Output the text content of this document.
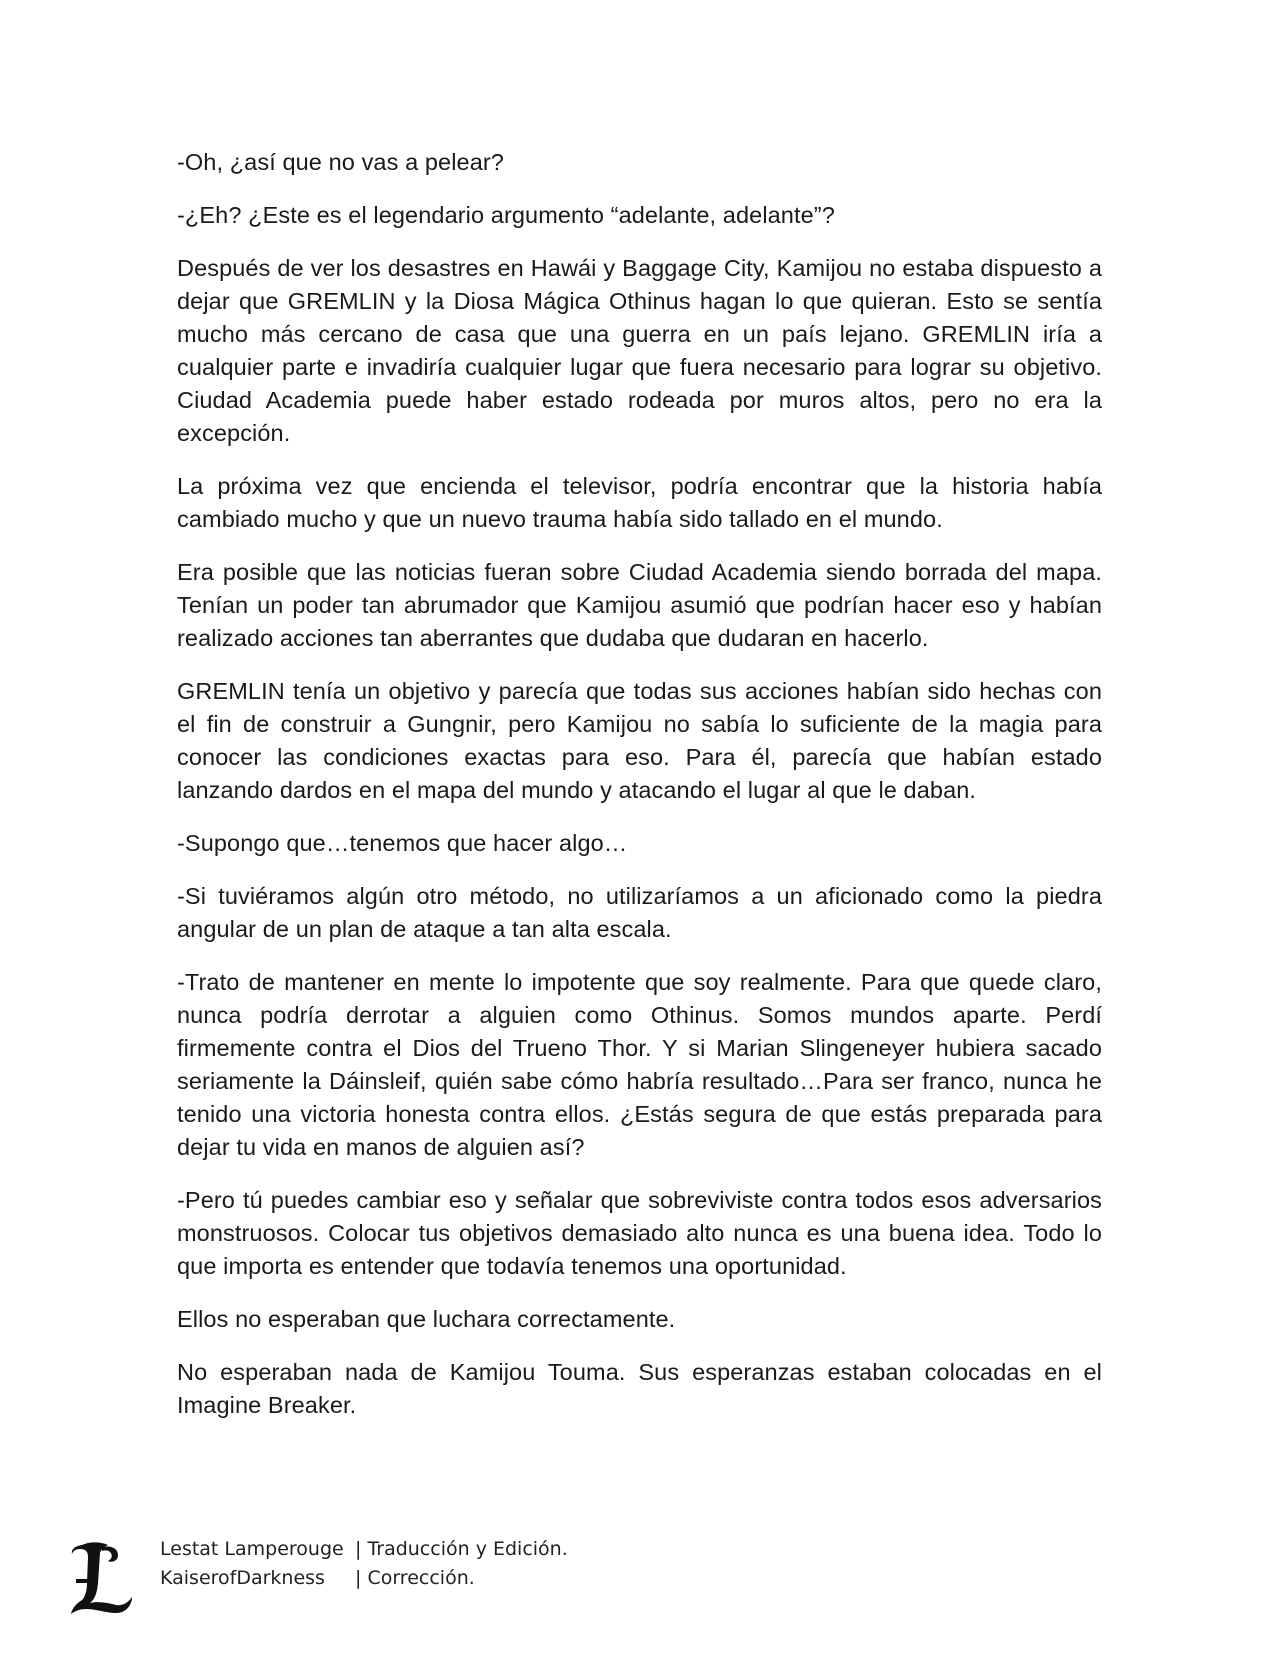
-Oh, ¿así que no vas a pelear?

-¿Eh? ¿Este es el legendario argumento “adelante, adelante”?

Después de ver los desastres en Hawái y Baggage City, Kamijou no estaba dispuesto a dejar que GREMLIN y la Diosa Mágica Othinus hagan lo que quieran. Esto se sentía mucho más cercano de casa que una guerra en un país lejano. GREMLIN iría a cualquier parte e invadiría cualquier lugar que fuera necesario para lograr su objetivo. Ciudad Academia puede haber estado rodeada por muros altos, pero no era la excepción.

La próxima vez que encienda el televisor, podría encontrar que la historia había cambiado mucho y que un nuevo trauma había sido tallado en el mundo.

Era posible que las noticias fueran sobre Ciudad Academia siendo borrada del mapa. Tenían un poder tan abrumador que Kamijou asumió que podrían hacer eso y habían realizado acciones tan aberrantes que dudaba que dudaran en hacerlo.

GREMLIN tenía un objetivo y parecía que todas sus acciones habían sido hechas con el fin de construir a Gungnir, pero Kamijou no sabía lo suficiente de la magia para conocer las condiciones exactas para eso. Para él, parecía que habían estado lanzando dardos en el mapa del mundo y atacando el lugar al que le daban.

-Supongo que…tenemos que hacer algo…

-Si tuviéramos algún otro método, no utilizaríamos a un aficionado como la piedra angular de un plan de ataque a tan alta escala.

-Trato de mantener en mente lo impotente que soy realmente. Para que quede claro, nunca podría derrotar a alguien como Othinus. Somos mundos aparte. Perdí firmemente contra el Dios del Trueno Thor. Y si Marian Slingeneyer hubiera sacado seriamente la Dáinsleif, quién sabe cómo habría resultado…Para ser franco, nunca he tenido una victoria honesta contra ellos. ¿Estás segura de que estás preparada para dejar tu vida en manos de alguien así?

-Pero tú puedes cambiar eso y señalar que sobreviviste contra todos esos adversarios monstruosos. Colocar tus objetivos demasiado alto nunca es una buena idea. Todo lo que importa es entender que todavía tenemos una oportunidad.

Ellos no esperaban que luchara correctamente.

No esperaban nada de Kamijou Touma. Sus esperanzas estaban colocadas en el Imagine Breaker.

Lestat Lamperouge | Traducción y Edición.
KaiserofDarkness	| Corrección.
